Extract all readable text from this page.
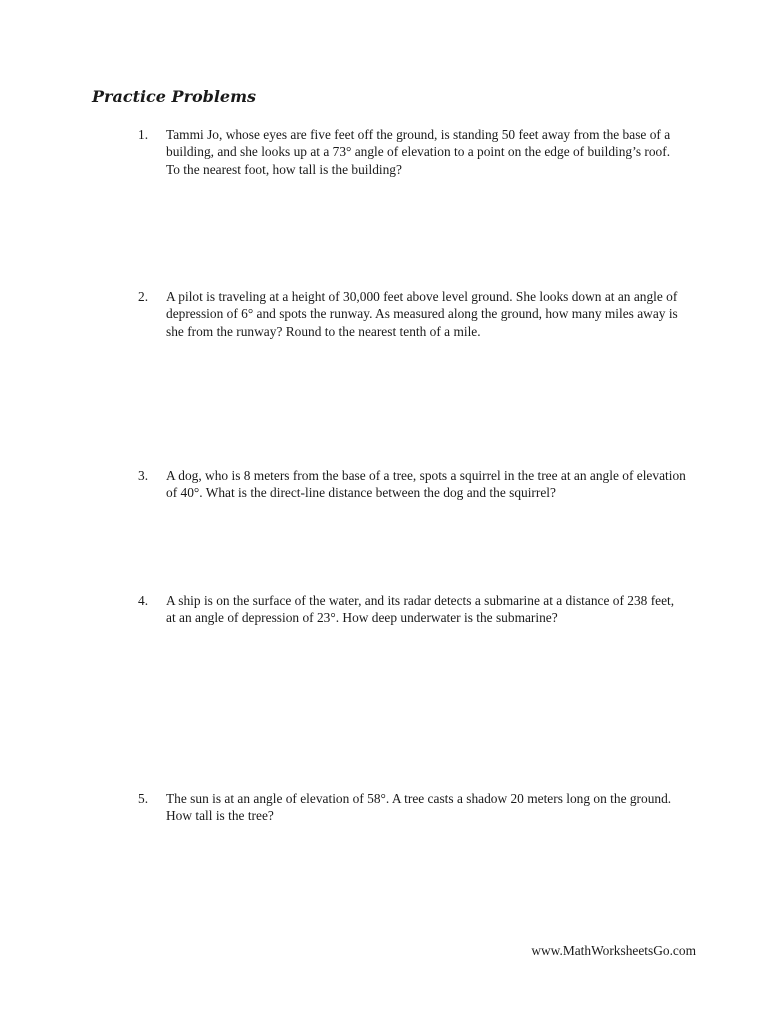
Practice Problems
1. Tammi Jo, whose eyes are five feet off the ground, is standing 50 feet away from the base of a building, and she looks up at a 73° angle of elevation to a point on the edge of building’s roof. To the nearest foot, how tall is the building?
2. A pilot is traveling at a height of 30,000 feet above level ground. She looks down at an angle of depression of 6° and spots the runway. As measured along the ground, how many miles away is she from the runway? Round to the nearest tenth of a mile.
3. A dog, who is 8 meters from the base of a tree, spots a squirrel in the tree at an angle of elevation of 40°. What is the direct-line distance between the dog and the squirrel?
4. A ship is on the surface of the water, and its radar detects a submarine at a distance of 238 feet, at an angle of depression of 23°. How deep underwater is the submarine?
5. The sun is at an angle of elevation of 58°. A tree casts a shadow 20 meters long on the ground. How tall is the tree?
www.MathWorksheetsGo.com
